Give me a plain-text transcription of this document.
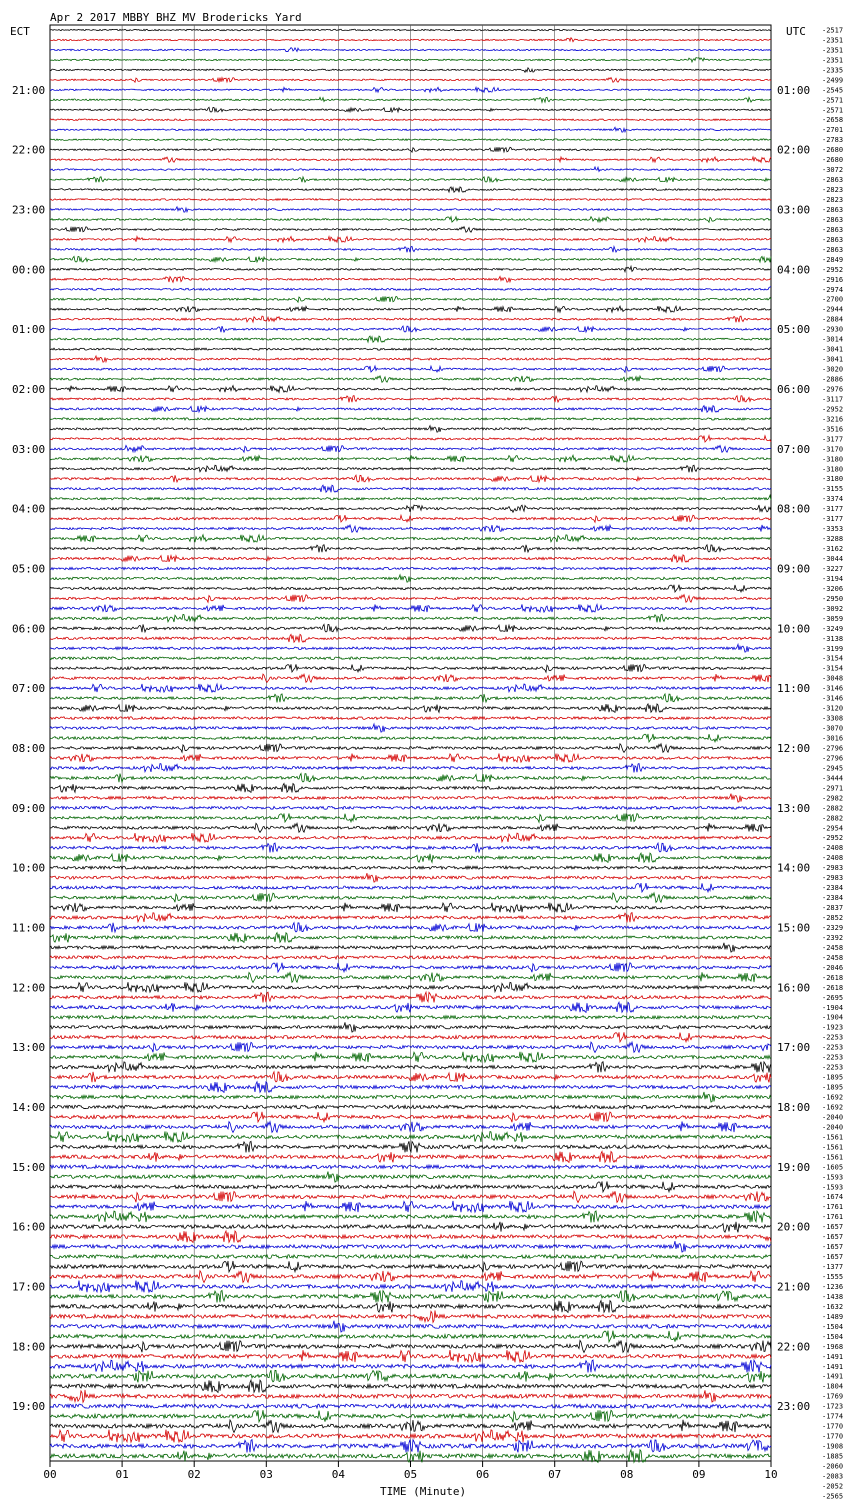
Apr 2 2017 MBBY BHZ MV Brodericks Yard
ECT	UTC
21:00
22:00
23:00
00:00
01:00
02:00
03:00
04:00
05:00
06:00
07:00
08:00
09:00
10:00
11:00
12:00
13:00
14:00
15:00
16:00
17:00
18:00
19:00
01:00
02:00
03:00
04:00
05:00
06:00
07:00
08:00
09:00
10:00
11:00
12:00
13:00
14:00
15:00
16:00
17:00
18:00
19:00
20:00
21:00
22:00
23:00
-2517
-2351
-2351
-2351
-2335
-2499
-2545
-2571
-2571
-2658
-2701
-2783
-2680
-2680
-3072
-2863
-2823
-2823
-2863
-2863
-2863
-2863
-2863
-2849
-2952
-2916
-2974
-2700
-2944
-2884
-2930
-3014
-3041
-3041
-3020
-2886
-2976
-3117
-2952
-3216
-3516
-3177
-3170
-3180
-3180
-3180
-3155
-3374
-3177
-3177
-3353
-3288
-3162
-3044
-3227
-3194
-3206
-2950
-3092
-3059
-3249
-3138
-3199
-3154
-3154
-3048
-3146
-3146
-3120
-3308
-3070
-3016
-2796
-2796
-2945
-3444
-2971
-2982
-2882
-2882
-2954
-2952
-2408
-2408
-2983
-2983
-2384
-2384
-2837
-2852
-2329
-2392
-2458
-2458
-2046
-2618
-2618
-2695
-1904
-1904
-1923
-2253
-2253
-2253
-2253
-1895
-1895
-1692
-1692
-2040
-2040
-1561
-1561
-1561
-1605
-1593
-1593
-1674
-1761
-1761
-1657
-1657
-1657
-1657
-1377
-1555
-1236
-1438
-1632
-1489
-1504
-1504
-1968
-1491
-1491
-1491
-1804
-1769
-1723
-1774
-1770
-1770
-1908
-1885
-2060
-2083
-2052
-2565
00	01	02	03	04	05	06	07	08	09	10
TIME (Minute)
